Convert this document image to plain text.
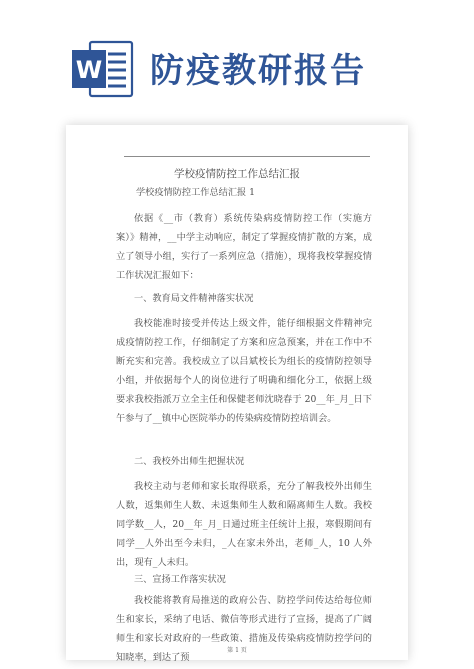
W 防疫教研报告
学校疫情防控工作总结汇报

学校疫情防控工作总结汇报 1

依据《__市（教育）系统传染病疫情防控工作（实施方案）》精神，__中学主动响应，制定了掌握疫情扩散的方案，成立了领导小组，实行了一系列应急（措施），现将我校掌握疫情工作状况汇报如下：

一、教育局文件精神落实状况

我校能准时接受并传达上级文件，能仔细根据文件精神完成疫情防控工作，仔细制定了方案和应急预案，并在工作中不断充实和完善。我校成立了以吕斌校长为组长的疫情防控领导小组，并依据每个人的岗位进行了明确和细化分工，依据上级要求我校指派万立全主任和保健老师沈晓春于 20__年_月_日下午参与了__镇中心医院举办的传染病疫情防控培训会。

二、我校外出师生把握状况

我校主动与老师和家长取得联系，充分了解我校外出师生人数，返集师生人数、未返集师生人数和隔离师生人数。我校同学数__人，20__年_月_日通过班主任统计上报，寒假期间有同学__人外出至今未归，_人在家未外出，老师_人，10 人外出，现有_人未归。

三、宣扬工作落实状况

我校能将教育局推送的政府公告、防控学问传达给每位师生和家长，采纳了电话、微信等形式进行了宣扬，提高了广阔师生和家长对政府的一些政策、措施及传染病疫情防控学问的知晓率，到达了预

第 1 页
